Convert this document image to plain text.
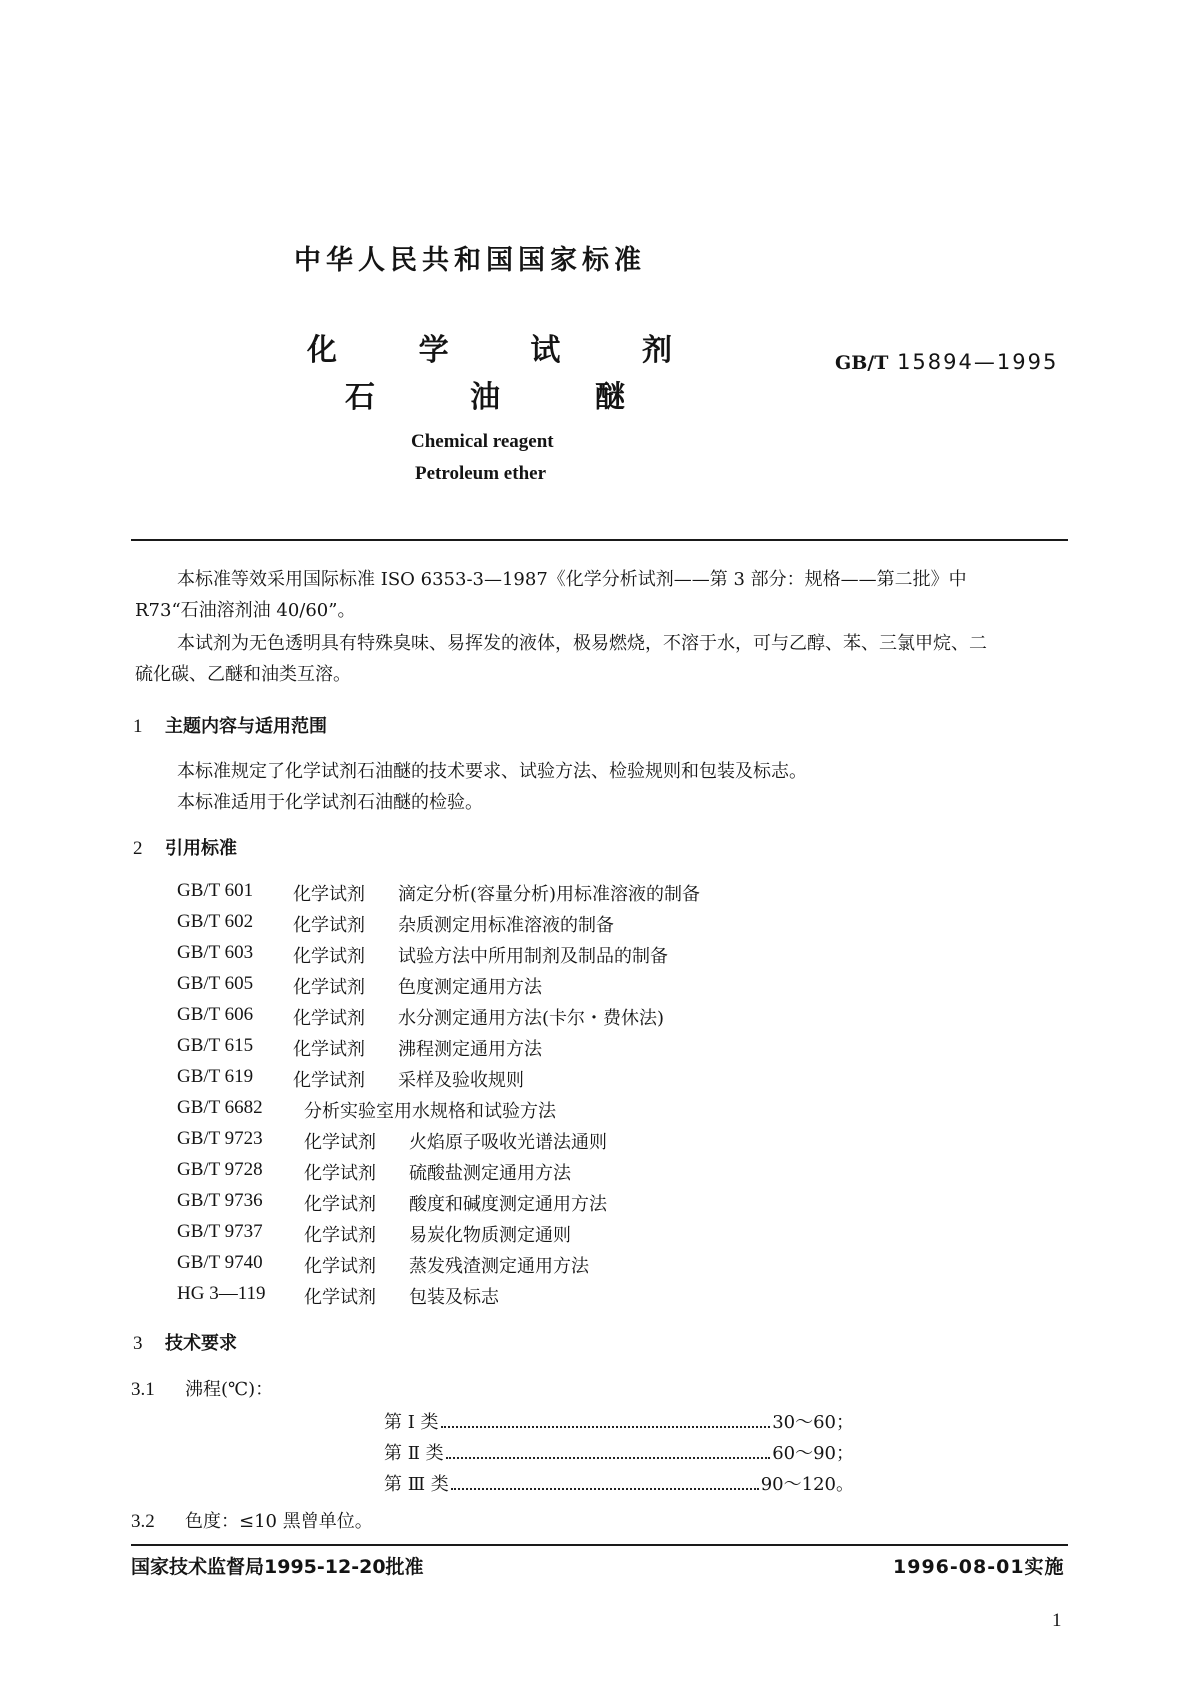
中华人民共和国国家标准
化	学	试	剂
石	油	醚
GB/T 15894—1995
Chemical reagent
Petroleum ether
本标准等效采用国际标准 ISO 6353-3—1987《化学分析试剂——第 3 部分：规格——第二批》中
R73“石油溶剂油 40/60”。
本试剂为无色透明具有特殊臭味、易挥发的液体，极易燃烧，不溶于水，可与乙醇、苯、三氯甲烷、二
硫化碳、乙醚和油类互溶。
1 主题内容与适用范围
本标准规定了化学试剂石油醚的技术要求、试验方法、检验规则和包装及标志。
本标准适用于化学试剂石油醚的检验。
2 引用标准
GB/T 601 化学试剂 滴定分析(容量分析)用标准溶液的制备
GB/T 602 化学试剂 杂质测定用标准溶液的制备
GB/T 603 化学试剂 试验方法中所用制剂及制品的制备
GB/T 605 化学试剂 色度测定通用方法
GB/T 606 化学试剂 水分测定通用方法(卡尔・费休法)
GB/T 615 化学试剂 沸程测定通用方法
GB/T 619 化学试剂 采样及验收规则
GB/T 6682 分析实验室用水规格和试验方法
GB/T 9723 化学试剂 火焰原子吸收光谱法通则
GB/T 9728 化学试剂 硫酸盐测定通用方法
GB/T 9736 化学试剂 酸度和碱度测定通用方法
GB/T 9737 化学试剂 易炭化物质测定通则
GB/T 9740 化学试剂 蒸发残渣测定通用方法
HG 3—119 化学试剂 包装及标志
3 技术要求
3.1 沸程(℃)：
第 Ⅰ 类	30～60；
第 Ⅱ 类	60～90；
第 Ⅲ 类	90～120。
3.2 色度：≤10 黑曾单位。
国家技术监督局1995-12-20批准	1996-08-01实施
1
